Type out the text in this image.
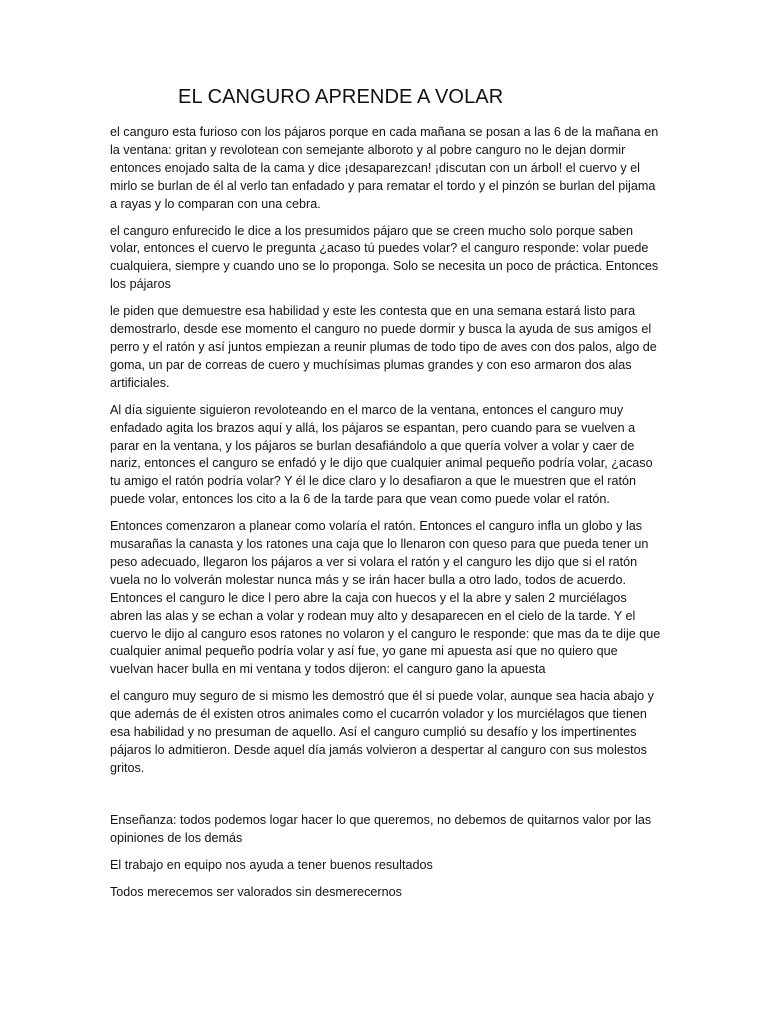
EL CANGURO APRENDE A VOLAR

el canguro esta furioso con los pájaros porque en cada mañana se posan a las 6 de la mañana en la ventana: gritan y revolotean con semejante alboroto y al pobre canguro no le dejan dormir entonces enojado salta de la cama y dice ¡desaparezcan! ¡discutan con un árbol! el cuervo y el mirlo se burlan de él al verlo tan enfadado y para rematar el tordo y el pinzón se burlan del pijama a rayas y lo comparan con una cebra.

el canguro enfurecido le dice a los presumidos pájaro que se creen mucho solo porque saben volar, entonces el cuervo le pregunta ¿acaso tú puedes volar? el canguro responde: volar puede cualquiera, siempre y cuando uno se lo proponga. Solo se necesita un poco de práctica. Entonces los pájaros

le piden que demuestre esa habilidad y este les contesta que en una semana estará listo para demostrarlo, desde ese momento el canguro no puede dormir y busca la ayuda de sus amigos el perro y el ratón y así juntos empiezan a reunir plumas de todo tipo de aves con dos palos, algo de goma, un par de correas de cuero y muchísimas plumas grandes y con eso armaron dos alas artificiales.

Al día siguiente siguieron revoloteando en el marco de la ventana, entonces el canguro muy enfadado agita los brazos aquí y allá, los pájaros se espantan, pero cuando para se vuelven a parar en la ventana, y los pájaros se burlan desafiándolo a que quería volver a volar y caer de nariz, entonces el canguro se enfadó y le dijo que cualquier animal pequeño podría volar, ¿acaso tu amigo el ratón podría volar? Y él le dice claro y lo desafiaron a que le muestren que el ratón puede volar, entonces los cito a la 6 de la tarde para que vean como puede volar el ratón.

Entonces comenzaron a planear como volaría el ratón. Entonces el canguro infla un globo y las musarañas la canasta y los ratones una caja que lo llenaron con queso para que pueda tener un peso adecuado, llegaron los pájaros a ver si volara el ratón y el canguro les dijo que si el ratón vuela no lo volverán molestar nunca más y se irán hacer bulla a otro lado, todos de acuerdo. Entonces el canguro le dice l pero abre la caja con huecos y el la abre y salen 2 murciélagos abren las alas y se echan a volar y rodean muy alto y desaparecen en el cielo de la tarde. Y el cuervo le dijo al canguro esos ratones no volaron y el canguro le responde: que mas da te dije que cualquier animal pequeño podría volar y así fue, yo gane mi apuesta así que no quiero que vuelvan hacer bulla en mi ventana y todos dijeron: el canguro gano la apuesta

el canguro muy seguro de si mismo les demostró que él si puede volar, aunque sea hacia abajo y que además de él existen otros animales como el cucarrón volador y los murciélagos que tienen esa habilidad y no presuman de aquello. Así el canguro cumplió su desafío y los impertinentes pájaros lo admitieron. Desde aquel día jamás volvieron a despertar al canguro con sus molestos gritos.

Enseñanza: todos podemos logar hacer lo que queremos, no debemos de quitarnos valor por las opiniones de los demás

El trabajo en equipo nos ayuda a tener buenos resultados

Todos merecemos ser valorados sin desmerecernos
